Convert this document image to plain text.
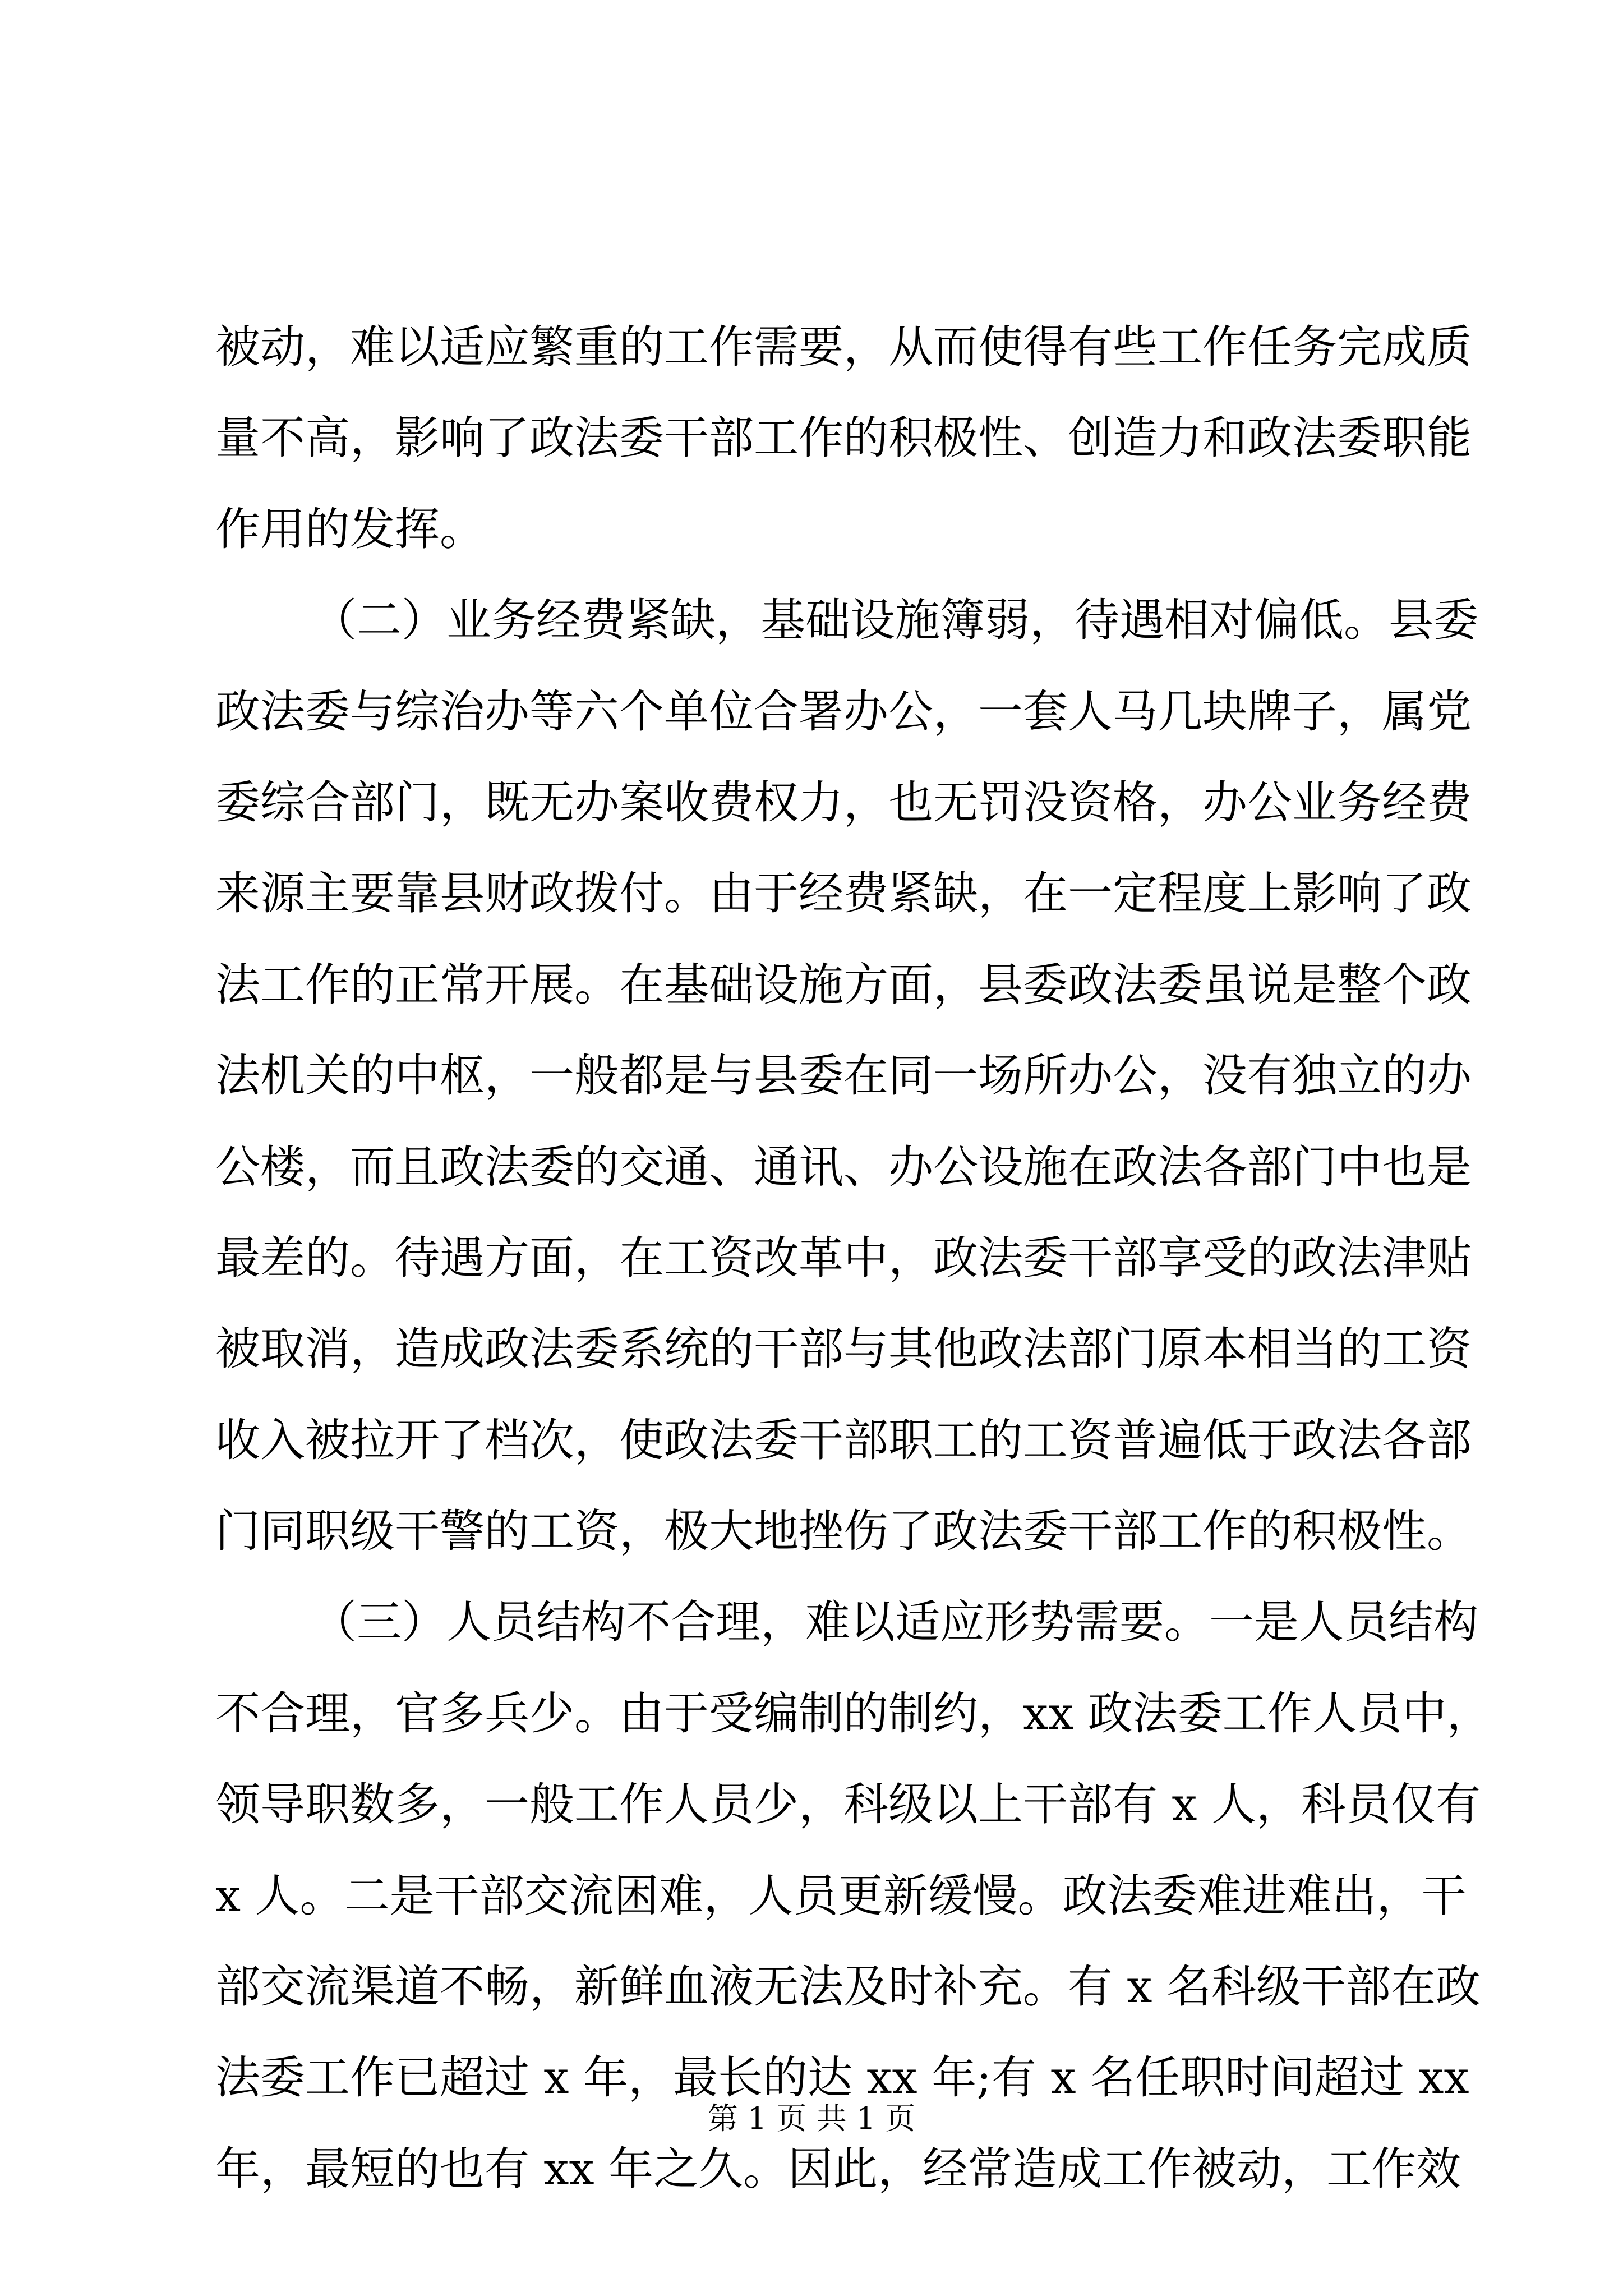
被动，难以适应繁重的工作需要，从而使得有些工作任务完成质
量不高，影响了政法委干部工作的积极性、创造力和政法委职能
作用的发挥。
（二）业务经费紧缺，基础设施簿弱，待遇相对偏低。县委
政法委与综治办等六个单位合署办公，一套人马几块牌子，属党
委综合部门，既无办案收费权力，也无罚没资格，办公业务经费
来源主要靠县财政拨付。由于经费紧缺，在一定程度上影响了政
法工作的正常开展。在基础设施方面，县委政法委虽说是整个政
法机关的中枢，一般都是与县委在同一场所办公，没有独立的办
公楼，而且政法委的交通、通讯、办公设施在政法各部门中也是
最差的。待遇方面，在工资改革中，政法委干部享受的政法津贴
被取消，造成政法委系统的干部与其他政法部门原本相当的工资
收入被拉开了档次，使政法委干部职工的工资普遍低于政法各部
门同职级干警的工资，极大地挫伤了政法委干部工作的积极性。
（三）人员结构不合理，难以适应形势需要。一是人员结构
不合理，官多兵少。由于受编制的制约，xx 政法委工作人员中，
领导职数多，一般工作人员少，科级以上干部有 x 人，科员仅有
x 人。二是干部交流困难，人员更新缓慢。政法委难进难出，干
部交流渠道不畅，新鲜血液无法及时补充。有 x 名科级干部在政
法委工作已超过 x 年，最长的达 xx 年;有 x 名任职时间超过 xx
年，最短的也有 xx 年之久。因此，经常造成工作被动，工作效
第 1 页 共 1 页
